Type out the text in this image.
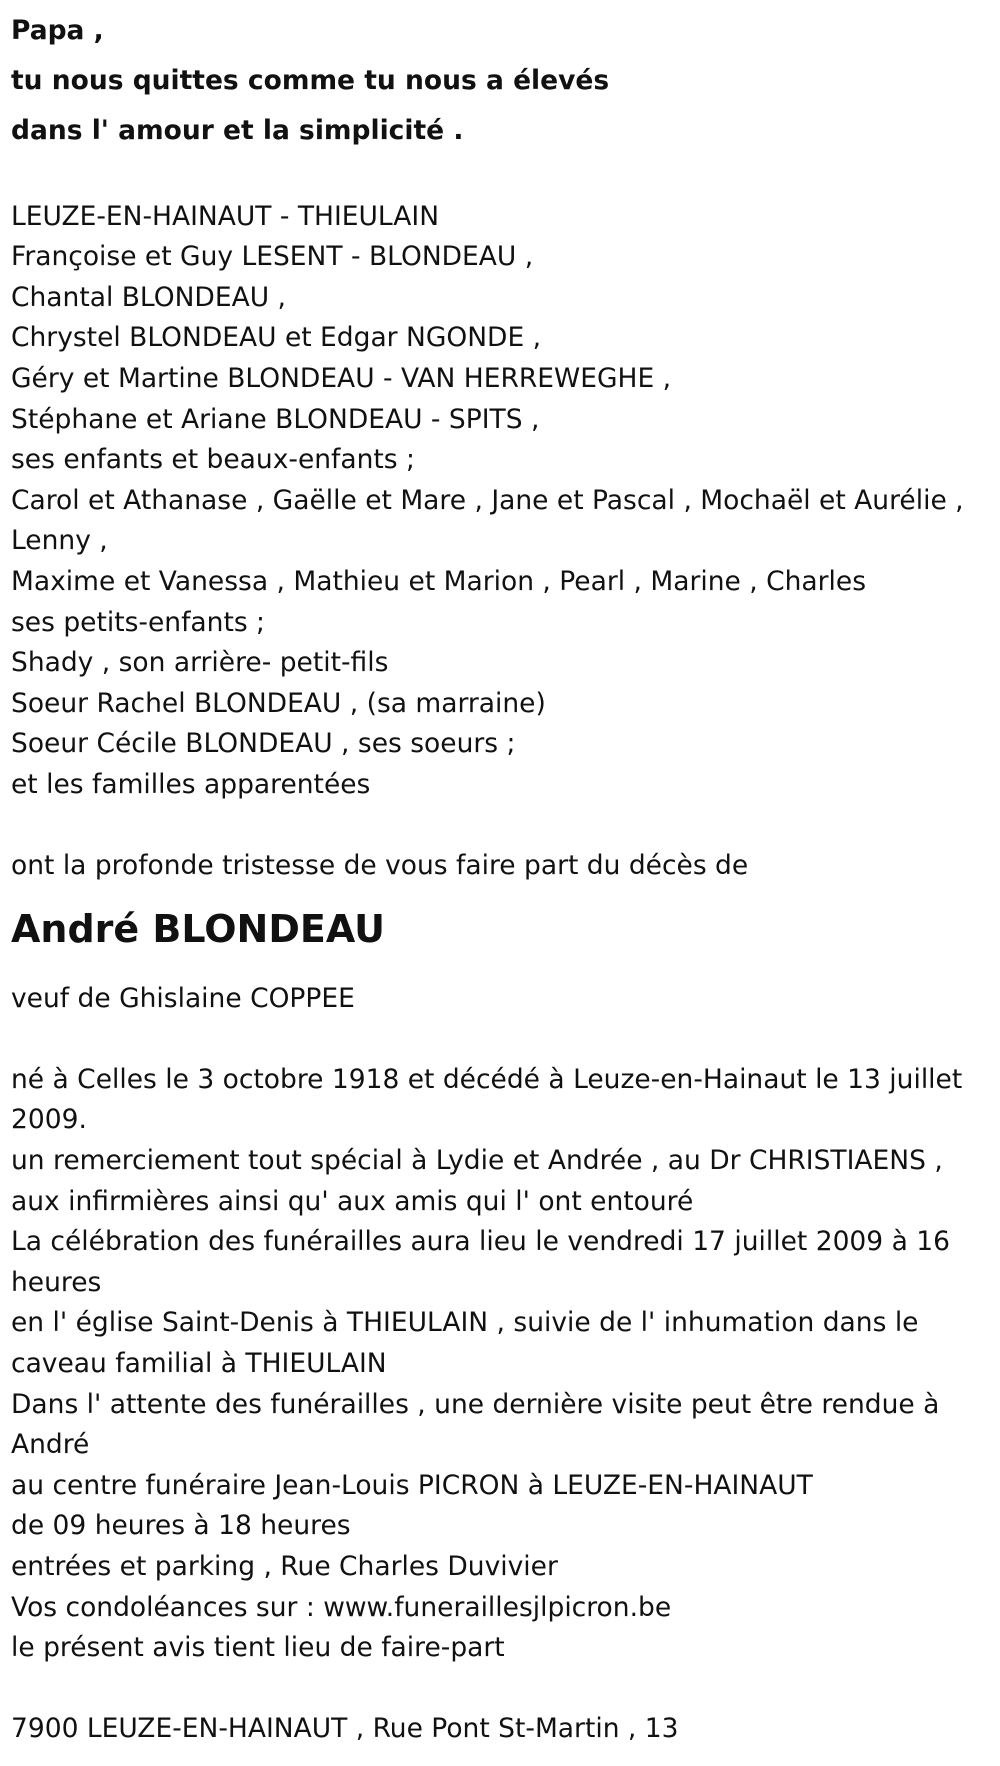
Papa ,

tu nous quittes comme tu nous a élevés

dans l' amour et la simplicité .

LEUZE-EN-HAINAUT - THIEULAIN

Françoise et Guy LESENT - BLONDEAU ,

Chantal BLONDEAU ,

Chrystel BLONDEAU et Edgar NGONDE ,

Géry et Martine BLONDEAU - VAN HERREWEGHE ,

Stéphane et Ariane BLONDEAU - SPITS ,

ses enfants et beaux-enfants ;

Carol et Athanase , Gaëlle et Mare , Jane et Pascal , Mochaël et Aurélie ,

Lenny ,

Maxime et Vanessa , Mathieu et Marion , Pearl , Marine , Charles

ses petits-enfants ;

Shady , son arrière- petit-fils

Soeur Rachel BLONDEAU , (sa marraine)

Soeur Cécile BLONDEAU , ses soeurs ;

et les familles apparentées

ont la profonde tristesse de vous faire part du décès de

André BLONDEAU

veuf de Ghislaine COPPEE

né à Celles le 3 octobre 1918 et décédé à Leuze-en-Hainaut le 13 juillet

2009.

un remerciement tout spécial à Lydie et Andrée , au Dr CHRISTIAENS ,

aux infirmières ainsi qu' aux amis qui l' ont entouré

La célébration des funérailles aura lieu le vendredi 17 juillet 2009 à 16

heures

en l' église Saint-Denis à THIEULAIN , suivie de l' inhumation dans le

caveau familial à THIEULAIN

Dans l' attente des funérailles , une dernière visite peut être rendue à

André

au centre funéraire Jean-Louis PICRON à LEUZE-EN-HAINAUT

de 09 heures à 18 heures

entrées et parking , Rue Charles Duvivier

Vos condoléances sur : www.funeraillesjlpicron.be

le présent avis tient lieu de faire-part

7900 LEUZE-EN-HAINAUT , Rue Pont St-Martin , 13
